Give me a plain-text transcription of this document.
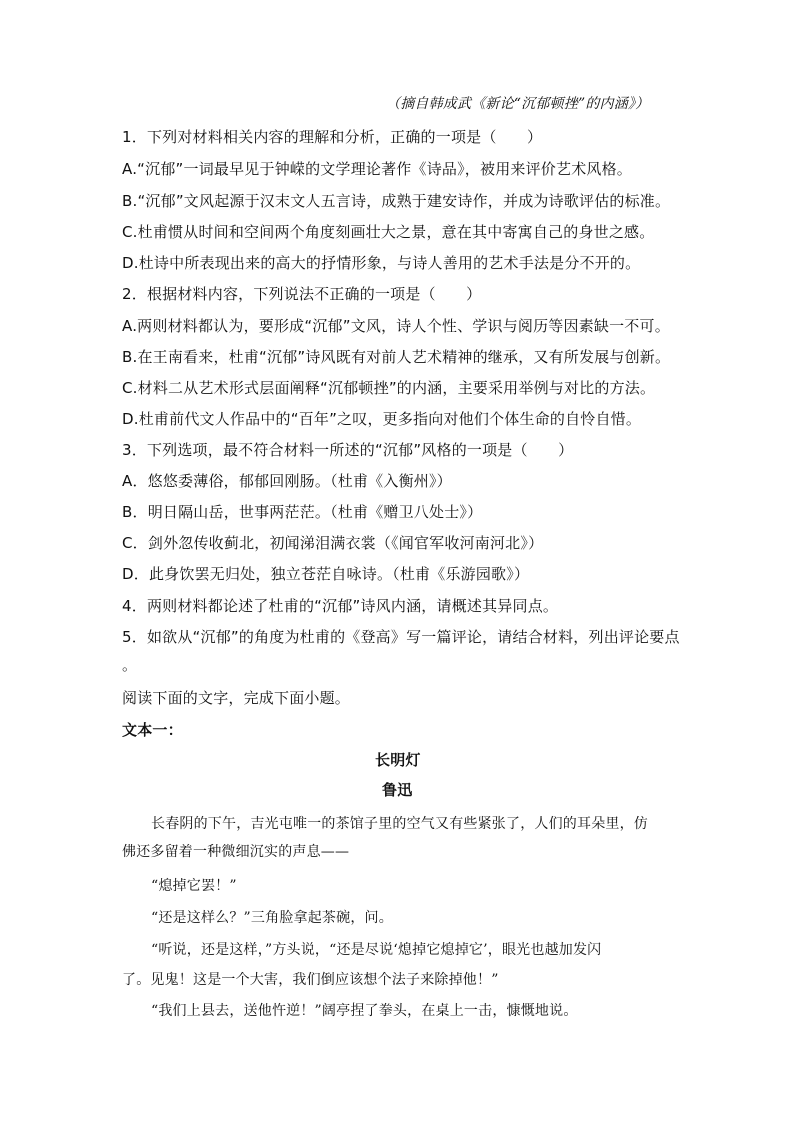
（摘自韩成武《新论“沉郁顿挫”的内涵》）
1．下列对材料相关内容的理解和分析，正确的一项是（　　）
A.“沉郁”一词最早见于钟嵘的文学理论著作《诗品》，被用来评价艺术风格。
B.“沉郁”文风起源于汉末文人五言诗，成熟于建安诗作，并成为诗歌评估的标准。
C.杜甫惯从时间和空间两个角度刻画壮大之景，意在其中寄寓自己的身世之感。
D.杜诗中所表现出来的高大的抒情形象，与诗人善用的艺术手法是分不开的。
2．根据材料内容，下列说法不正确的一项是（　　）
A.两则材料都认为，要形成“沉郁”文风，诗人个性、学识与阅历等因素缺一不可。
B.在王南看来，杜甫“沉郁”诗风既有对前人艺术精神的继承，又有所发展与创新。
C.材料二从艺术形式层面阐释“沉郁顿挫”的内涵，主要采用举例与对比的方法。
D.杜甫前代文人作品中的“百年”之叹，更多指向对他们个体生命的自怜自惜。
3．下列选项，最不符合材料一所述的“沉郁”风格的一项是（　　）
A．悠悠委薄俗，郁郁回刚肠。（杜甫《入衡州》）
B．明日隔山岳，世事两茫茫。（杜甫《赠卫八处士》）
C．剑外忽传收蓟北，初闻涕泪满衣裳（《闻官军收河南河北》）
D．此身饮罢无归处，独立苍茫自咏诗。（杜甫《乐游园歌》）
4．两则材料都论述了杜甫的“沉郁”诗风内涵，请概述其异同点。
5．如欲从“沉郁”的角度为杜甫的《登高》写一篇评论，请结合材料，列出评论要点
。
阅读下面的文字，完成下面小题。
文本一：
长明灯
鲁迅
长春阴的下午，吉光屯唯一的茶馆子里的空气又有些紧张了，人们的耳朵里，仿
佛还多留着一种微细沉实的声息——
“熄掉它罢！”
“还是这样么？”三角脸拿起茶碗，问。
“听说，还是这样，”方头说，“还是尽说‘熄掉它熄掉它’，眼光也越加发闪
了。见鬼！这是一个大害，我们倒应该想个法子来除掉他！”
“我们上县去，送他忤逆！”阔亭捏了拳头，在桌上一击，慷慨地说。
